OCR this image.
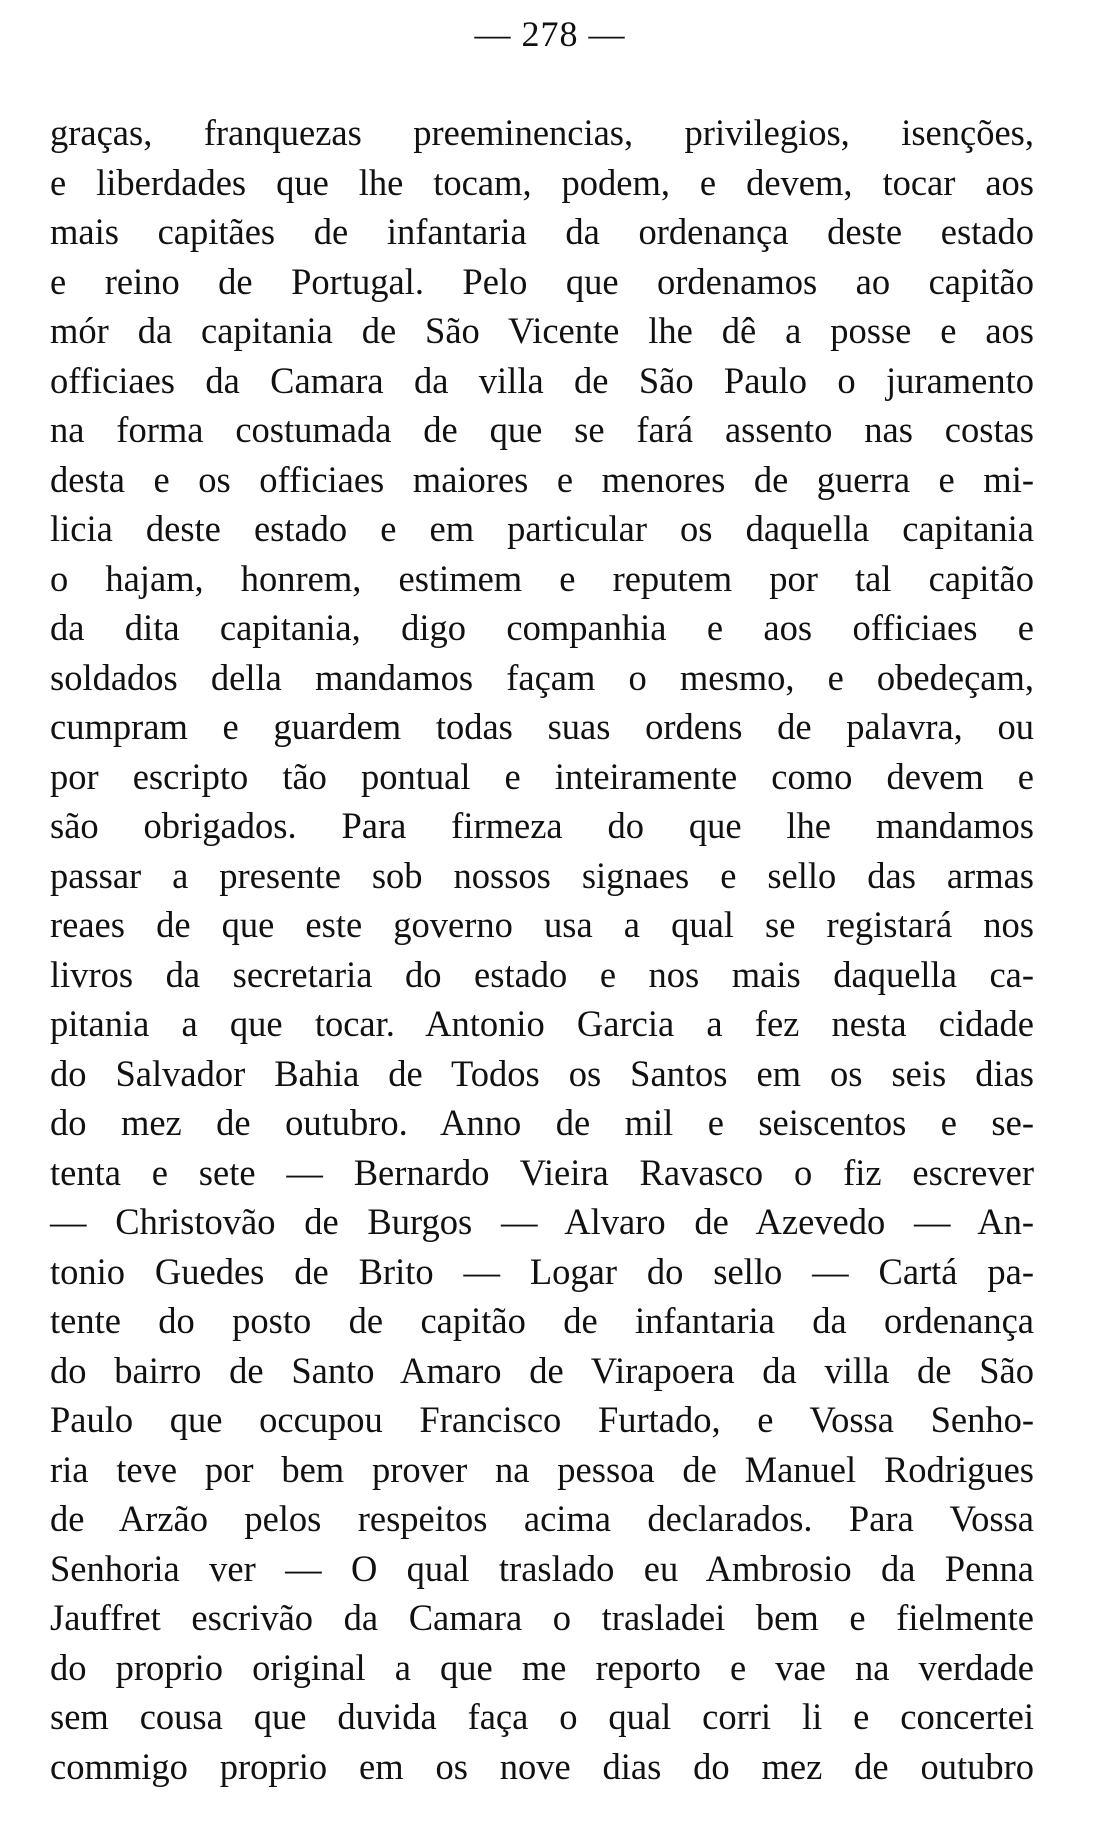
— 278 —
graças, franquezas preeminencias, privilegios, isenções,
e liberdades que lhe tocam, podem, e devem, tocar aos
mais capitães de infantaria da ordenança deste estado
e reino de Portugal. Pelo que ordenamos ao capitão
mór da capitania de São Vicente lhe dê a posse e aos
officiaes da Camara da villa de São Paulo o juramento
na forma costumada de que se fará assento nas costas
desta e os officiaes maiores e menores de guerra e mi-
licia deste estado e em particular os daquella capitania
o hajam, honrem, estimem e reputem por tal capitão
da dita capitania, digo companhia e aos officiaes e
soldados della mandamos façam o mesmo, e obedeçam,
cumpram e guardem todas suas ordens de palavra, ou
por escripto tão pontual e inteiramente como devem e
são obrigados. Para firmeza do que lhe mandamos
passar a presente sob nossos signaes e sello das armas
reaes de que este governo usa a qual se registará nos
livros da secretaria do estado e nos mais daquella ca-
pitania a que tocar. Antonio Garcia a fez nesta cidade
do Salvador Bahia de Todos os Santos em os seis dias
do mez de outubro. Anno de mil e seiscentos e se-
tenta e sete — Bernardo Vieira Ravasco o fiz escrever
— Christovão de Burgos — Alvaro de Azevedo — An-
tonio Guedes de Brito — Logar do sello — Cartá pa-
tente do posto de capitão de infantaria da ordenança
do bairro de Santo Amaro de Virapoera da villa de São
Paulo que occupou Francisco Furtado, e Vossa Senho-
ria teve por bem prover na pessoa de Manuel Rodrigues
de Arzão pelos respeitos acima declarados. Para Vossa
Senhoria ver — O qual traslado eu Ambrosio da Penna
Jauffret escrivão da Camara o trasladei bem e fielmente
do proprio original a que me reporto e vae na verdade
sem cousa que duvida faça o qual corri li e concertei
commigo proprio em os nove dias do mez de outubro
